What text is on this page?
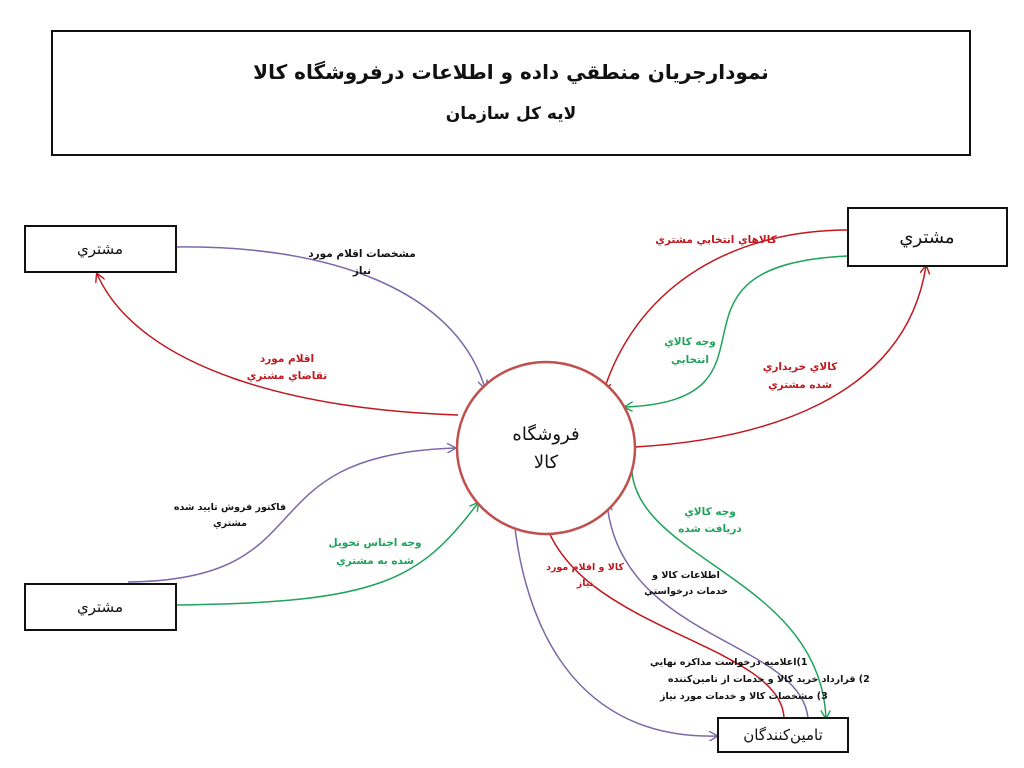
نمودارجريان منطقي داده و اطلاعات درفروشگاه كالا
لايه كل سازمان
فروشگاه
كالا
مشتري
مشتري
مشتري
تامين‌كنندگان
مشخصات اقلام مورد
نياز
اقلام مورد
تقاضاي مشتري
كالاهاي انتخابي مشتري
وجه كالاي
انتخابي
كالاي خريداري
شده مشتري
فاكتور فروش تاييد شده
مشتري
وجه اجناس تحويل
شده به مشتري
وجه كالاي
دريافت شده
كالا و اقلام مورد
نياز
اطلاعات كالا و
خدمات درخواستي
1)اعلاميه درخواست مذاكره نهايي
2) قرارداد خريد كالا و خدمات از تامين‌كننده
3) مشخصات كالا و خدمات مورد نياز
